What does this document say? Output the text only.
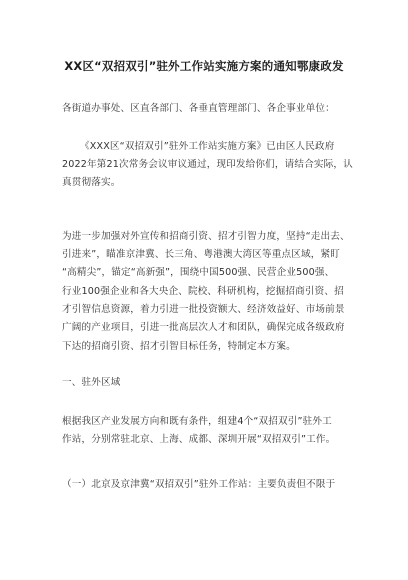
XX区“双招双引”驻外工作站实施方案的通知鄂康政发
各街道办事处、区直各部门、各垂直管理部门、各企事业单位：
《XXX区“双招双引”驻外工作站实施方案》已由区人民政府
2022年第21次常务会议审议通过，现印发给你们，请结合实际，认
真贯彻落实。
为进一步加强对外宣传和招商引资、招才引智力度，坚持“走出去、
引进来”，瞄准京津冀、长三角、粤港澳大湾区等重点区域，紧盯
“高精尖”，锚定“高新强”，围绕中国500强、民营企业500强、
行业100强企业和各大央企、院校、科研机构，挖掘招商引资、招
才引智信息资源，着力引进一批投资额大、经济效益好、市场前景
广阔的产业项目，引进一批高层次人才和团队，确保完成各级政府
下达的招商引资、招才引智目标任务，特制定本方案。
一、驻外区域
根据我区产业发展方向和既有条件，组建4个“双招双引”驻外工
作站，分别常驻北京、上海、成都、深圳开展“双招双引”工作。
（一）北京及京津冀“双招双引”驻外工作站：主要负责但不限于
